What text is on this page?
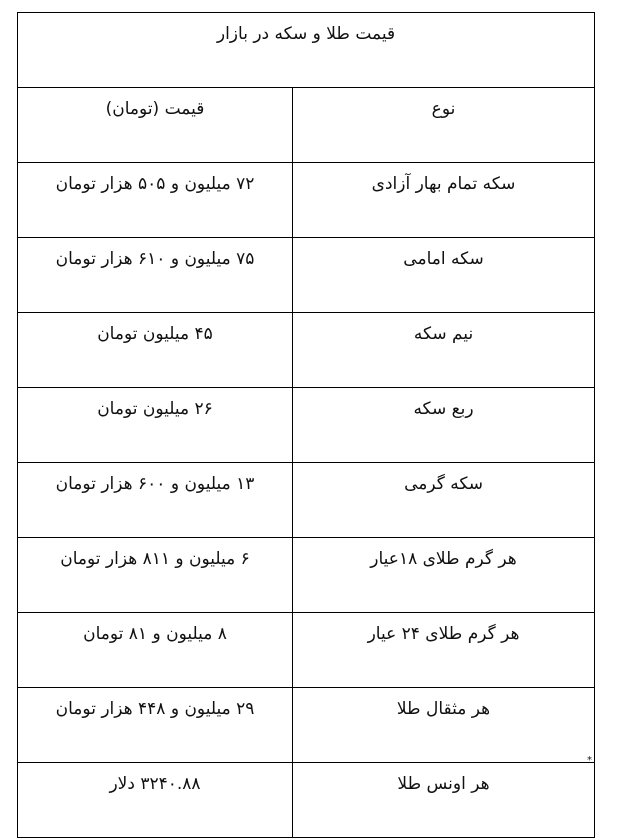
قیمت طلا و سکه در بازار	
نوع	قیمت (تومان)
سکه تمام بهار آزادی	۷۲ میلیون و ۵۰۵ هزار تومان
سکه امامی	۷۵ میلیون و ۶۱۰ هزار تومان
نیم سکه	۴۵ میلیون تومان
ربع سکه	۲۶ میلیون تومان
سکه گرمی	۱۳ میلیون و ۶۰۰ هزار تومان
هر گرم طلای ۱۸عیار	۶ میلیون و ۸۱۱ هزار تومان
هر گرم طلای ۲۴ عیار	۸ میلیون و ۸۱ تومان
هر مثقال طلا	۲۹ میلیون و ۴۴۸ هزار تومان
هر اونس طلا	۳۲۴۰.۸۸ دلار
*
